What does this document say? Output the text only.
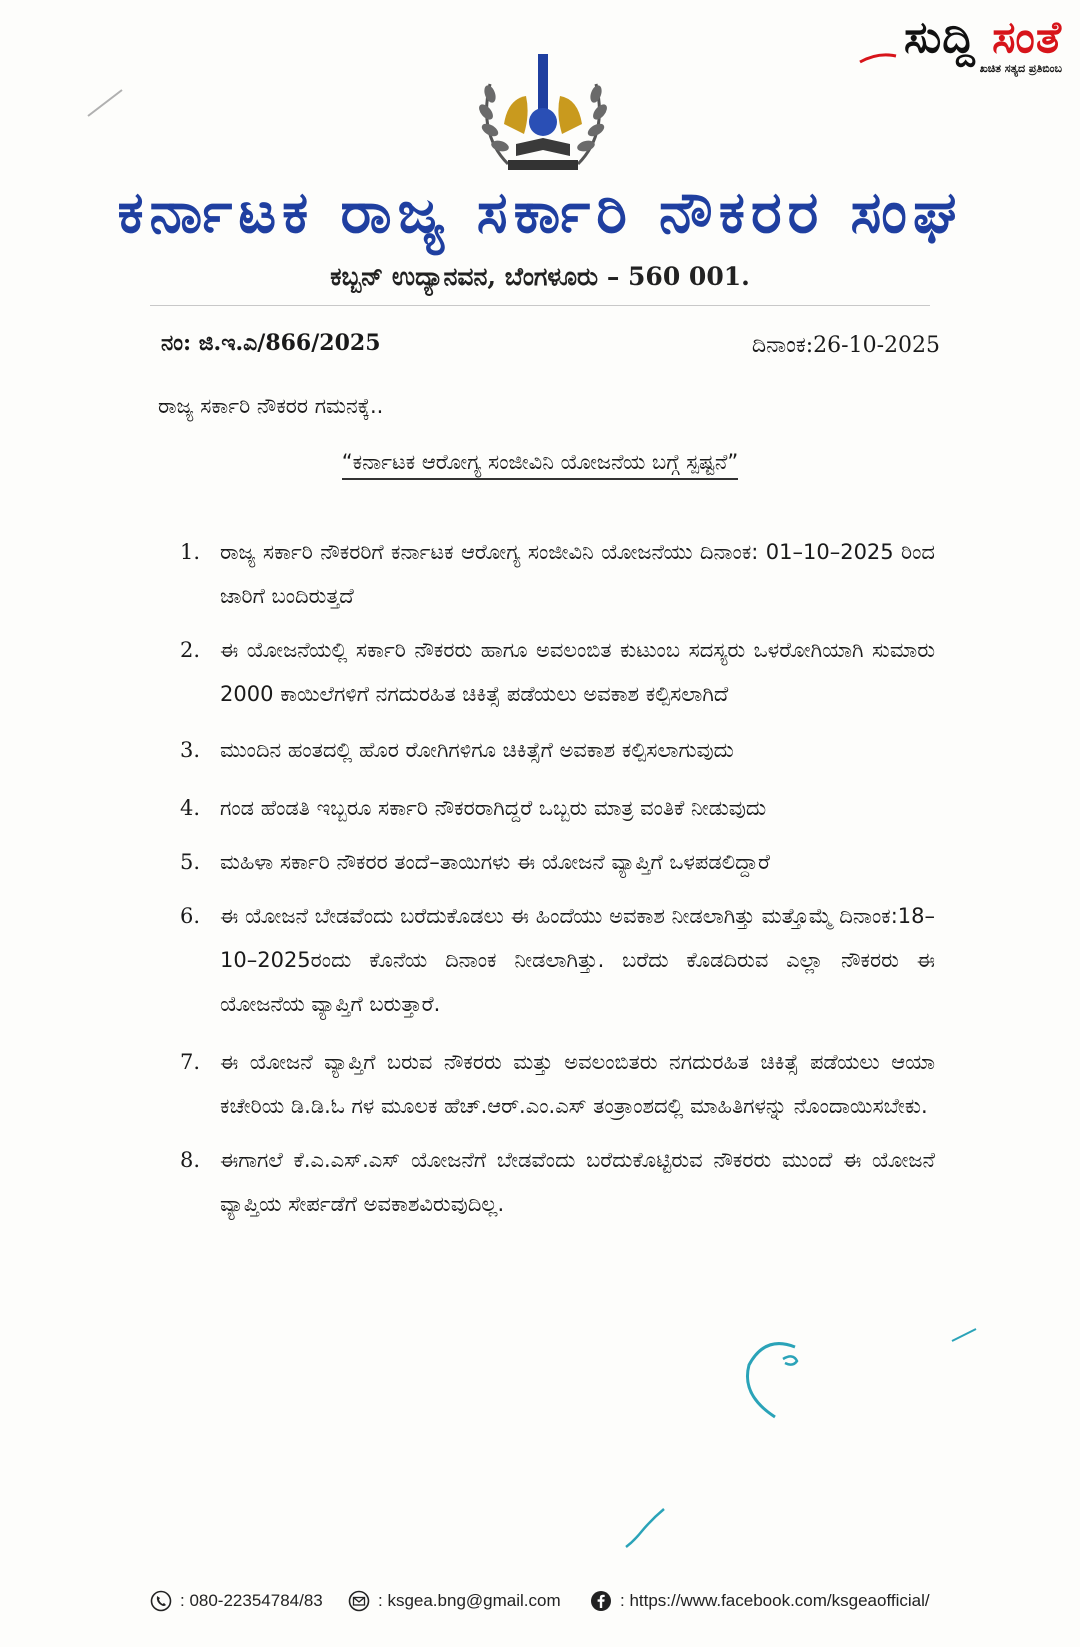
ಸುದ್ದಿ ಸಂತೆ
ಖಚಿತ ಸತ್ಯದ ಪ್ರತಿಬಿಂಬ
ಕರ್ನಾಟಕ ರಾಜ್ಯ ಸರ್ಕಾರಿ ನೌಕರರ ಸಂಘ
ಕಬ್ಬನ್ ಉದ್ಯಾನವನ, ಬೆಂಗಳೂರು – 560 001.
ನಂ: ಜಿ.ಇ.ಎ/866/2025	ದಿನಾಂಕ:26-10-2025
ರಾಜ್ಯ ಸರ್ಕಾರಿ ನೌಕರರ ಗಮನಕ್ಕೆ..
“ಕರ್ನಾಟಕ ಆರೋಗ್ಯ ಸಂಜೀವಿನಿ ಯೋಜನೆಯ ಬಗ್ಗೆ ಸ್ಪಷ್ಟನೆ”
1. ರಾಜ್ಯ ಸರ್ಕಾರಿ ನೌಕರರಿಗೆ ಕರ್ನಾಟಕ ಆರೋಗ್ಯ ಸಂಜೀವಿನಿ ಯೋಜನೆಯು ದಿನಾಂಕ: 01–10–2025 ರಿಂದ ಜಾರಿಗೆ ಬಂದಿರುತ್ತದೆ
2. ಈ ಯೋಜನೆಯಲ್ಲಿ ಸರ್ಕಾರಿ ನೌಕರರು ಹಾಗೂ ಅವಲಂಬಿತ ಕುಟುಂಬ ಸದಸ್ಯರು ಒಳರೋಗಿಯಾಗಿ ಸುಮಾರು 2000 ಕಾಯಿಲೆಗಳಿಗೆ ನಗದುರಹಿತ ಚಿಕಿತ್ಸೆ ಪಡೆಯಲು ಅವಕಾಶ ಕಲ್ಪಿಸಲಾಗಿದೆ
3. ಮುಂದಿನ ಹಂತದಲ್ಲಿ ಹೊರ ರೋಗಿಗಳಿಗೂ ಚಿಕಿತ್ಸೆಗೆ ಅವಕಾಶ ಕಲ್ಪಿಸಲಾಗುವುದು
4. ಗಂಡ ಹೆಂಡತಿ ಇಬ್ಬರೂ ಸರ್ಕಾರಿ ನೌಕರರಾಗಿದ್ದರೆ ಒಬ್ಬರು ಮಾತ್ರ ವಂತಿಕೆ ನೀಡುವುದು
5. ಮಹಿಳಾ ಸರ್ಕಾರಿ ನೌಕರರ ತಂದೆ–ತಾಯಿಗಳು ಈ ಯೋಜನೆ ವ್ಯಾಪ್ತಿಗೆ ಒಳಪಡಲಿದ್ದಾರೆ
6. ಈ ಯೋಜನೆ ಬೇಡವೆಂದು ಬರೆದುಕೊಡಲು ಈ ಹಿಂದೆಯು ಅವಕಾಶ ನೀಡಲಾಗಿತ್ತು ಮತ್ತೊಮ್ಮೆ ದಿನಾಂಕ:18–10–2025ರಂದು ಕೊನೆಯ ದಿನಾಂಕ ನೀಡಲಾಗಿತ್ತು. ಬರೆದು ಕೊಡದಿರುವ ಎಲ್ಲಾ ನೌಕರರು ಈ ಯೋಜನೆಯ ವ್ಯಾಪ್ತಿಗೆ ಬರುತ್ತಾರೆ.
7. ಈ ಯೋಜನೆ ವ್ಯಾಪ್ತಿಗೆ ಬರುವ ನೌಕರರು ಮತ್ತು ಅವಲಂಬಿತರು ನಗದುರಹಿತ ಚಿಕಿತ್ಸೆ ಪಡೆಯಲು ಆಯಾ ಕಚೇರಿಯ ಡಿ.ಡಿ.ಓ ಗಳ ಮೂಲಕ ಹೆಚ್.ಆರ್.ಎಂ.ಎಸ್ ತಂತ್ರಾಂಶದಲ್ಲಿ ಮಾಹಿತಿಗಳನ್ನು ನೊಂದಾಯಿಸಬೇಕು.
8. ಈಗಾಗಲೆ ಕೆ.ಎ.ಎಸ್.ಎಸ್ ಯೋಜನೆಗೆ ಬೇಡವೆಂದು ಬರೆದುಕೊಟ್ಟಿರುವ ನೌಕರರು ಮುಂದೆ ಈ ಯೋಜನೆ ವ್ಯಾಪ್ತಿಯ ಸೇರ್ಪಡೆಗೆ ಅವಕಾಶವಿರುವುದಿಲ್ಲ.
: 080-22354784/83	: ksgea.bng@gmail.com	: https://www.facebook.com/ksgeaofficial/
